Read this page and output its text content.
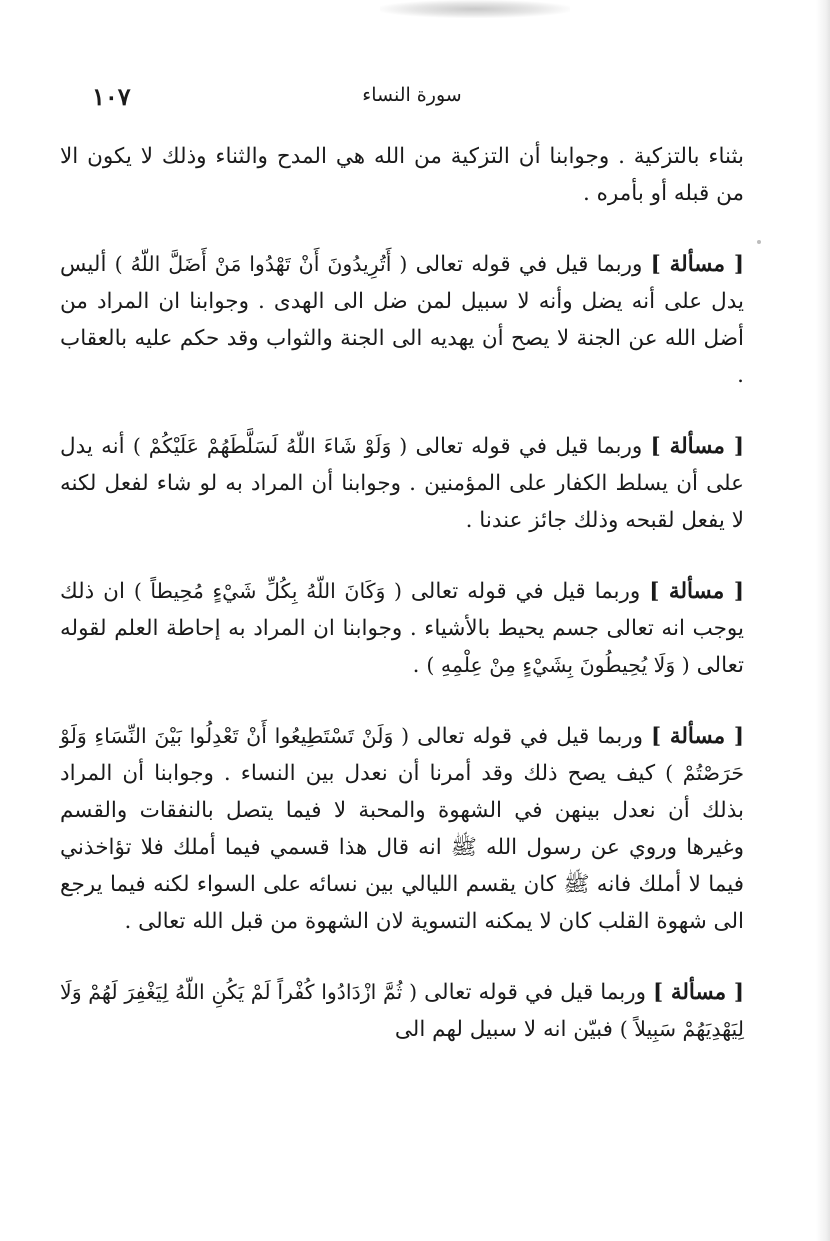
سورة النساء
١٠٧

بثناء بالتزكية . وجوابنا أن التزكية من الله هي المدح والثناء وذلك لا يكون الا من قبله أو بأمره .

[ مسألة ] وربما قيل في قوله تعالى ( أَتُرِيدُونَ أَنْ تَهْدُوا مَنْ أَضَلَّ اللّهُ ) أليس يدل على أنه يضل وأنه لا سبيل لمن ضل الى الهدى . وجوابنا ان المراد من أضل الله عن الجنة لا يصح أن يهديه الى الجنة والثواب وقد حكم عليه بالعقاب .

[ مسألة ] وربما قيل في قوله تعالى ( وَلَوْ شَاءَ اللّهُ لَسَلَّطَهُمْ عَلَيْكُمْ ) أنه يدل على أن يسلط الكفار على المؤمنين . وجوابنا أن المراد به لو شاء لفعل لكنه لا يفعل لقبحه وذلك جائز عندنا .

[ مسألة ] وربما قيل في قوله تعالى ( وَكَانَ اللّهُ بِكُلِّ شَيْءٍ مُحِيطاً ) ان ذلك يوجب انه تعالى جسم يحيط بالأشياء . وجوابنا ان المراد به إحاطة العلم لقوله تعالى ( وَلَا يُحِيطُونَ بِشَيْءٍ مِنْ عِلْمِهِ ) .

[ مسألة ] وربما قيل في قوله تعالى ( وَلَنْ تَسْتَطِيعُوا أَنْ تَعْدِلُوا بَيْنَ النِّسَاءِ وَلَوْ حَرَصْتُمْ ) كيف يصح ذلك وقد أمرنا أن نعدل بين النساء . وجوابنا أن المراد بذلك أن نعدل بينهن في الشهوة والمحبة لا فيما يتصل بالنفقات والقسم وغيرها وروي عن رسول الله ﷺ انه قال هذا قسمي فيما أملك فلا تؤاخذني فيما لا أملك فانه ﷺ كان يقسم الليالي بين نسائه على السواء لكنه فيما يرجع الى شهوة القلب كان لا يمكنه التسوية لان الشهوة من قبل الله تعالى .

[ مسألة ] وربما قيل في قوله تعالى ( ثُمَّ ازْدَادُوا كُفْراً لَمْ يَكُنِ اللّهُ لِيَغْفِرَ لَهُمْ وَلَا لِيَهْدِيَهُمْ سَبِيلاً ) فبيّن انه لا سبيل لهم الى
